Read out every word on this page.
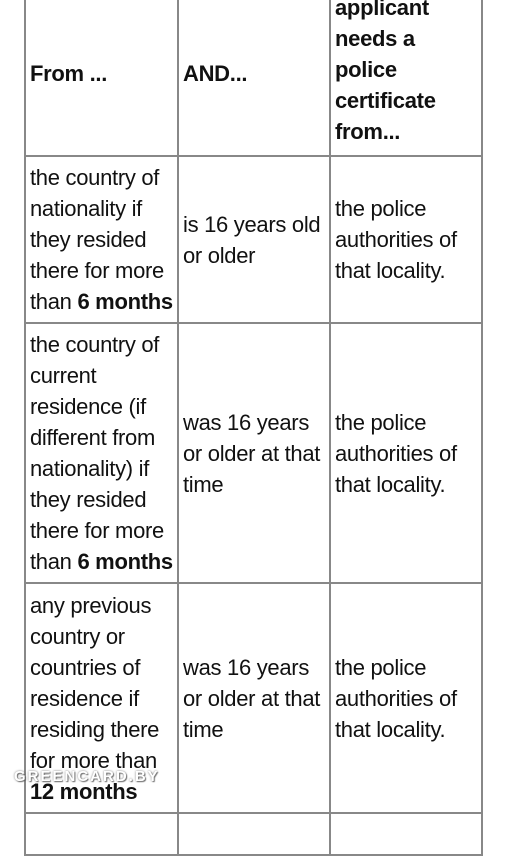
From ...	AND...	applicant needs a police certificate from...
the country of nationality if they resided there for more than 6 months	is 16 years old or older	the police authorities of that locality.
the country of current residence (if different from nationality) if they resided there for more than 6 months	was 16 years or older at that time	the police authorities of that locality.
any previous country or countries of residence if residing there for more than 12 months	was 16 years or older at that time	the police authorities of that locality.

GREENCARD.BY
